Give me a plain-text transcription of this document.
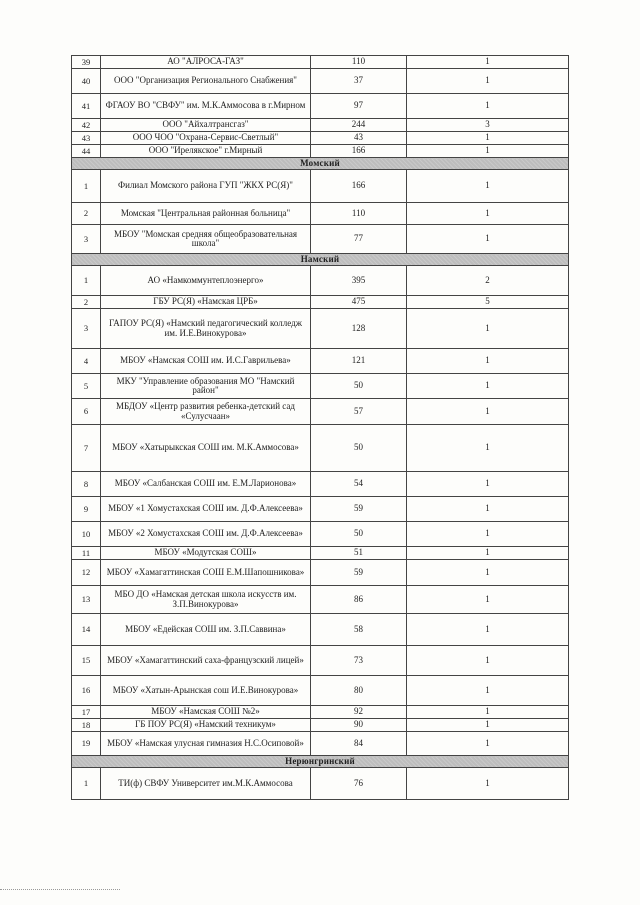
39	АО "АЛРОСА-ГАЗ"	110	1
40	ООО "Организация Регионального Снабжения"	37	1
41	ФГАОУ ВО "СВФУ" им. М.К.Аммосова в г.Мирном	97	1
42	ООО "Айхалтрансгаз"	244	3
43	ООО ЧОО "Охрана-Сервис-Светлый"	43	1
44	ООО "Ирелякское" г.Мирный	166	1
Момский			
1	Филиал Момского района ГУП "ЖКХ РС(Я)"	166	1
2	Момская "Центральная районная больница"	110	1
3	МБОУ "Момская средняя общеобразовательная школа"	77	1
Намский			
1	АО «Намкоммунтеплоэнерго»	395	2
2	ГБУ РС(Я) «Намская ЦРБ»	475	5
3	ГАПОУ РС(Я) «Намский педагогический колледж им. И.Е.Винокурова»	128	1
4	МБОУ «Намская СОШ им. И.С.Гаврильева»	121	1
5	МКУ "Управление образования МО "Намский район"	50	1
6	МБДОУ «Центр развития ребенка-детский сад «Сулусчаан»	57	1
7	МБОУ «Хатырыкская СОШ им. М.К.Аммосова»	50	1
8	МБОУ «Салбанская СОШ им. Е.М.Ларионова»	54	1
9	МБОУ «1 Хомустахская СОШ им. Д.Ф.Алексеева»	59	1
10	МБОУ «2 Хомустахская СОШ им. Д.Ф.Алексеева»	50	1
11	МБОУ «Модутская СОШ»	51	1
12	МБОУ «Хамагаттинская СОШ Е.М.Шапошникова»	59	1
13	МБО ДО «Намская детская школа искусств им. З.П.Винокурова»	86	1
14	МБОУ «Едейская СОШ им. З.П.Саввина»	58	1
15	МБОУ «Хамагаттинский саха-французский лицей»	73	1
16	МБОУ «Хатын-Арынская сош И.Е.Винокурова»	80	1
17	МБОУ «Намская СОШ №2»	92	1
18	ГБ ПОУ РС(Я) «Намский техникум»	90	1
19	МБОУ «Намская улусная гимназия Н.С.Осиповой»	84	1
Нерюнгринский			
1	ТИ(ф) СВФУ Университет им.М.К.Аммосова	76	1
